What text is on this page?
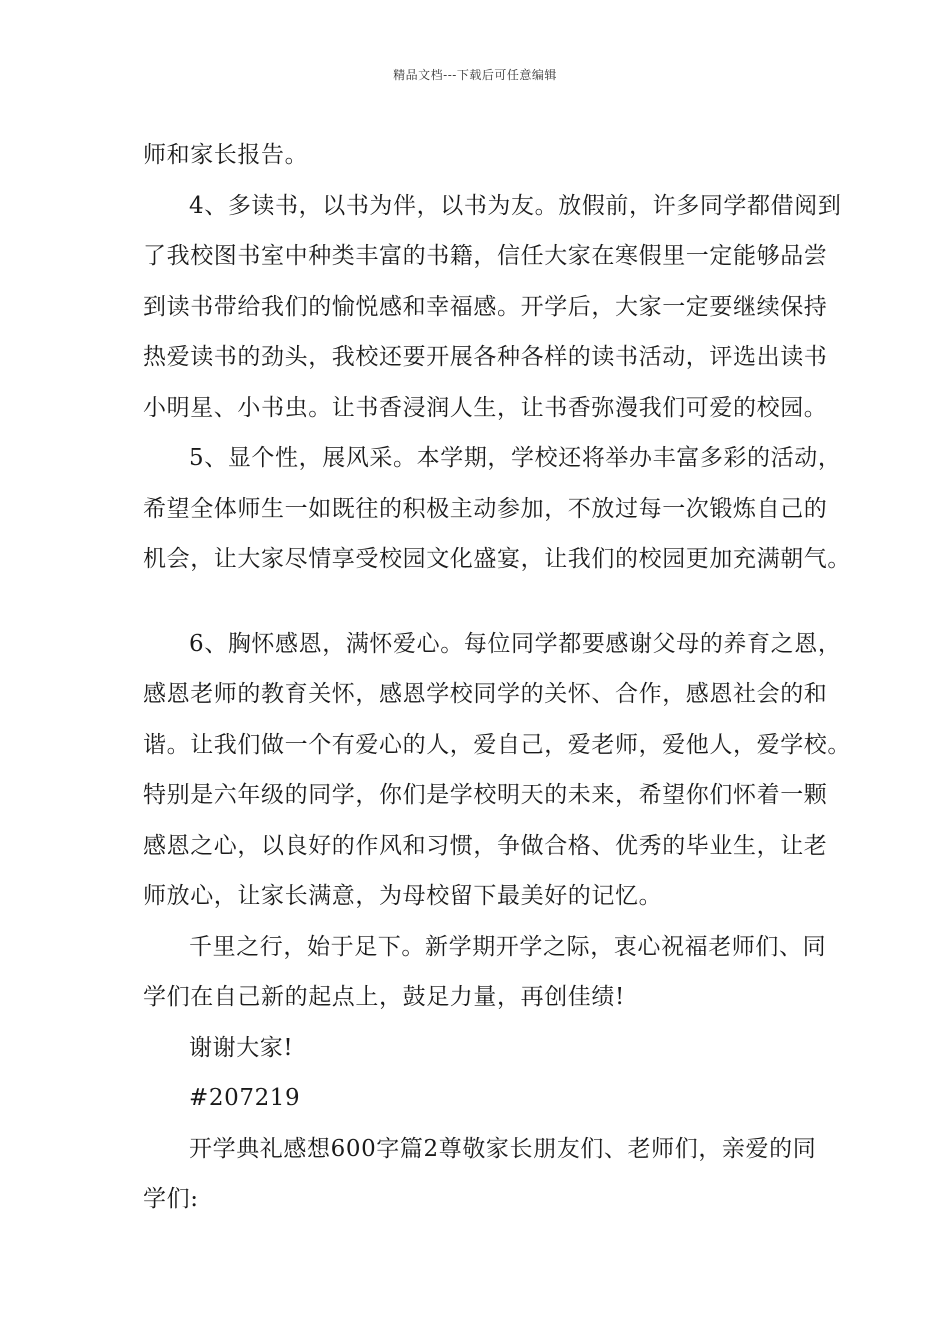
精品文档---下载后可任意编辑
师和家长报告。
4、多读书，以书为伴，以书为友。放假前，许多同学都借阅到
了我校图书室中种类丰富的书籍，信任大家在寒假里一定能够品尝
到读书带给我们的愉悦感和幸福感。开学后，大家一定要继续保持
热爱读书的劲头，我校还要开展各种各样的读书活动，评选出读书
小明星、小书虫。让书香浸润人生，让书香弥漫我们可爱的校园。
5、显个性，展风采。本学期，学校还将举办丰富多彩的活动，
希望全体师生一如既往的积极主动参加，不放过每一次锻炼自己的
机会，让大家尽情享受校园文化盛宴，让我们的校园更加充满朝气。
6、胸怀感恩，满怀爱心。每位同学都要感谢父母的养育之恩，
感恩老师的教育关怀，感恩学校同学的关怀、合作，感恩社会的和
谐。让我们做一个有爱心的人，爱自己，爱老师，爱他人，爱学校。
特别是六年级的同学，你们是学校明天的未来，希望你们怀着一颗
感恩之心，以良好的作风和习惯，争做合格、优秀的毕业生，让老
师放心，让家长满意，为母校留下最美好的记忆。
千里之行，始于足下。新学期开学之际，衷心祝福老师们、同
学们在自己新的起点上，鼓足力量，再创佳绩!
谢谢大家!
#207219
开学典礼感想600字篇2尊敬家长朋友们、老师们，亲爱的同
学们:
